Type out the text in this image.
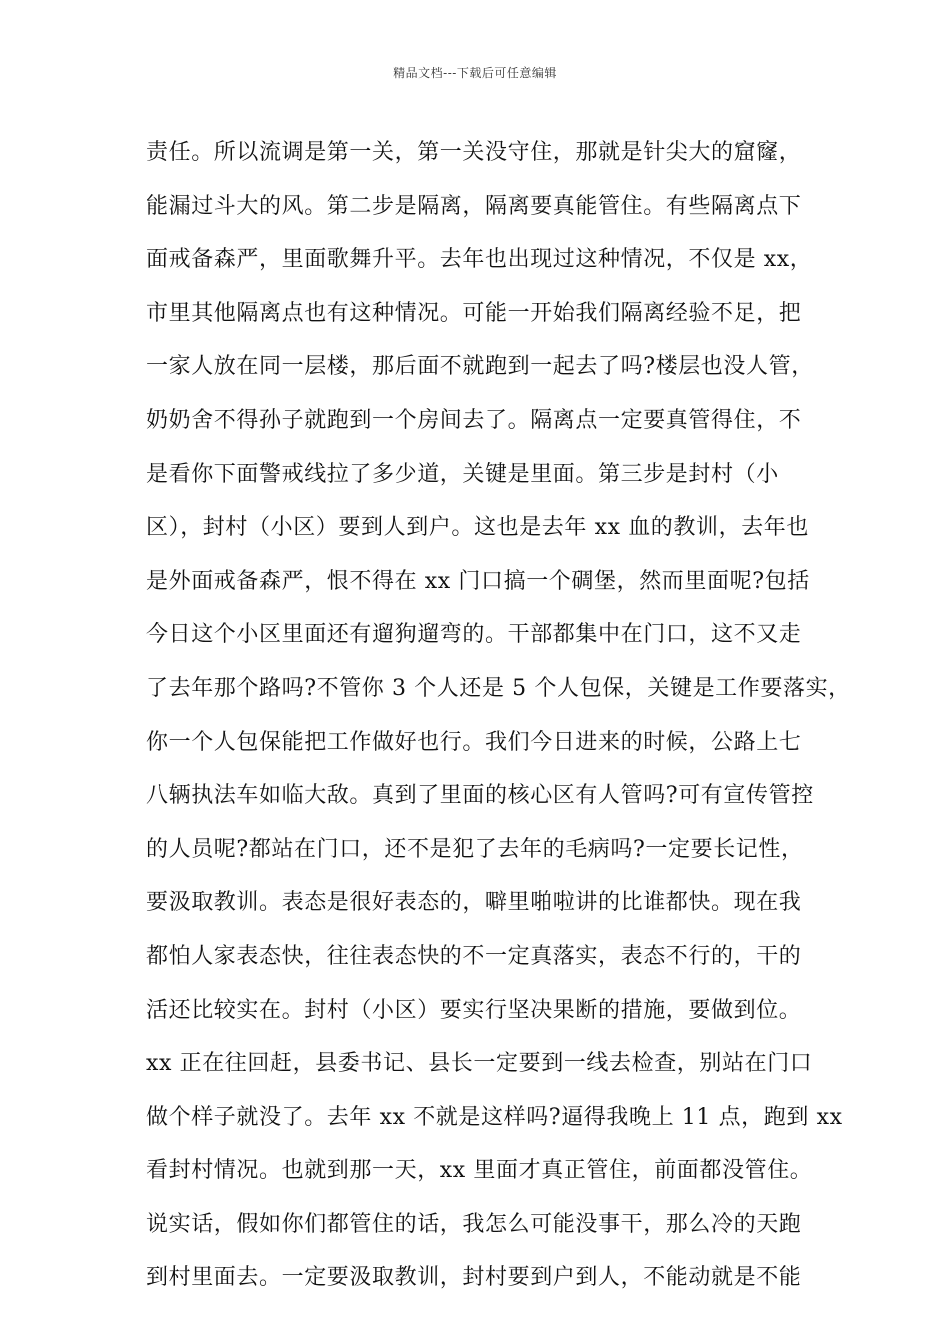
精品文档---下载后可任意编辑
责任。所以流调是第一关，第一关没守住，那就是针尖大的窟窿，
能漏过斗大的风。第二步是隔离，隔离要真能管住。有些隔离点下
面戒备森严，里面歌舞升平。去年也出现过这种情况，不仅是 xx，
市里其他隔离点也有这种情况。可能一开始我们隔离经验不足，把
一家人放在同一层楼，那后面不就跑到一起去了吗?楼层也没人管，
奶奶舍不得孙子就跑到一个房间去了。隔离点一定要真管得住，不
是看你下面警戒线拉了多少道，关键是里面。第三步是封村（小
区），封村（小区）要到人到户。这也是去年 xx 血的教训，去年也
是外面戒备森严，恨不得在 xx 门口搞一个碉堡，然而里面呢?包括
今日这个小区里面还有遛狗遛弯的。干部都集中在门口，这不又走
了去年那个路吗?不管你 3 个人还是 5 个人包保，关键是工作要落实，
你一个人包保能把工作做好也行。我们今日进来的时候，公路上七
八辆执法车如临大敌。真到了里面的核心区有人管吗?可有宣传管控
的人员呢?都站在门口，还不是犯了去年的毛病吗?一定要长记性，
要汲取教训。表态是很好表态的，噼里啪啦讲的比谁都快。现在我
都怕人家表态快，往往表态快的不一定真落实，表态不行的，干的
活还比较实在。封村（小区）要实行坚决果断的措施，要做到位。
xx 正在往回赶，县委书记、县长一定要到一线去检查，别站在门口
做个样子就没了。去年 xx 不就是这样吗?逼得我晚上 11 点，跑到 xx
看封村情况。也就到那一天，xx 里面才真正管住，前面都没管住。
说实话，假如你们都管住的话，我怎么可能没事干，那么冷的天跑
到村里面去。一定要汲取教训，封村要到户到人，不能动就是不能
